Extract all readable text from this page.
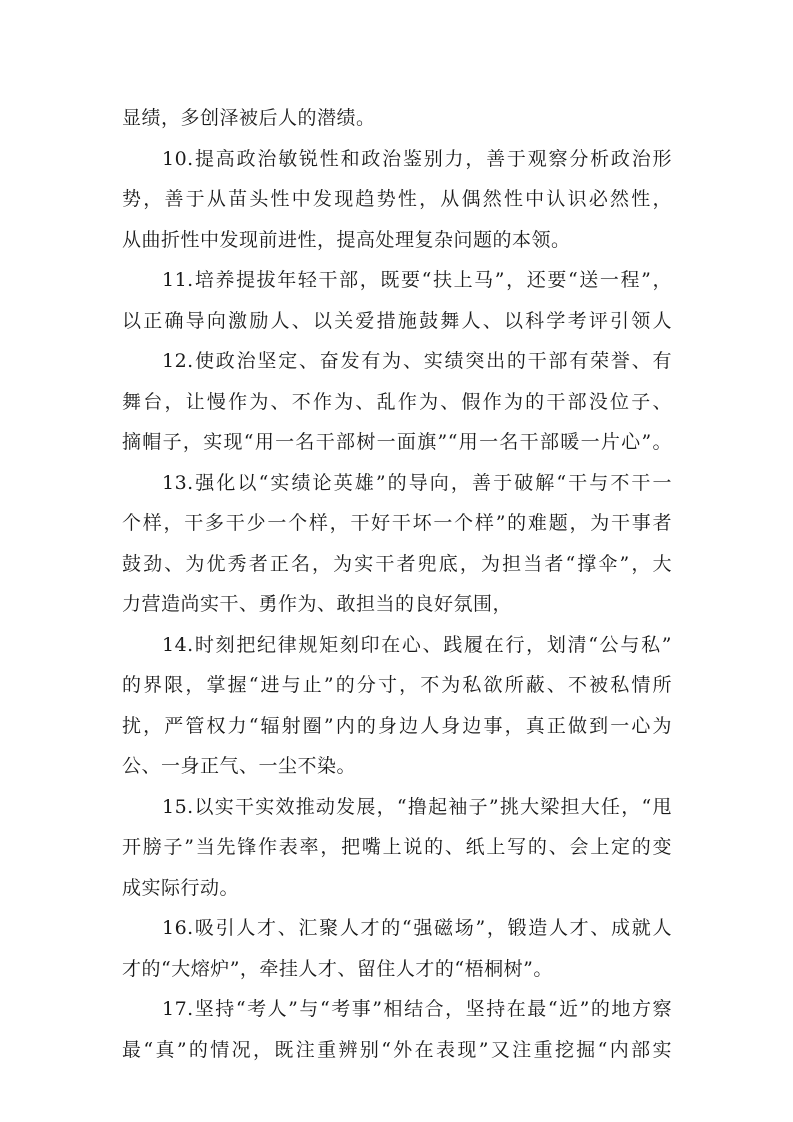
显绩，多创泽被后人的潜绩。
10.提高政治敏锐性和政治鉴别力，善于观察分析政治形
势，善于从苗头性中发现趋势性，从偶然性中认识必然性，
从曲折性中发现前进性，提高处理复杂问题的本领。
11.培养提拔年轻干部，既要“扶上马”，还要“送一程”，
以正确导向激励人、以关爱措施鼓舞人、以科学考评引领人
12.使政治坚定、奋发有为、实绩突出的干部有荣誉、有
舞台，让慢作为、不作为、乱作为、假作为的干部没位子、
摘帽子，实现“用一名干部树一面旗”“用一名干部暖一片心”。
13.强化以“实绩论英雄”的导向，善于破解“干与不干一
个样，干多干少一个样，干好干坏一个样”的难题，为干事者
鼓劲、为优秀者正名，为实干者兜底，为担当者“撑伞”，大
力营造尚实干、勇作为、敢担当的良好氛围，
14.时刻把纪律规矩刻印在心、践履在行，划清“公与私”
的界限，掌握“进与止”的分寸，不为私欲所蔽、不被私情所
扰，严管权力“辐射圈”内的身边人身边事，真正做到一心为
公、一身正气、一尘不染。
15.以实干实效推动发展，“撸起袖子”挑大梁担大任，“甩
开膀子”当先锋作表率，把嘴上说的、纸上写的、会上定的变
成实际行动。
16.吸引人才、汇聚人才的“强磁场”，锻造人才、成就人
才的“大熔炉”，牵挂人才、留住人才的“梧桐树”。
17.坚持“考人”与“考事”相结合，坚持在最“近”的地方察
最“真”的情况，既注重辨别“外在表现”又注重挖掘“内部实
